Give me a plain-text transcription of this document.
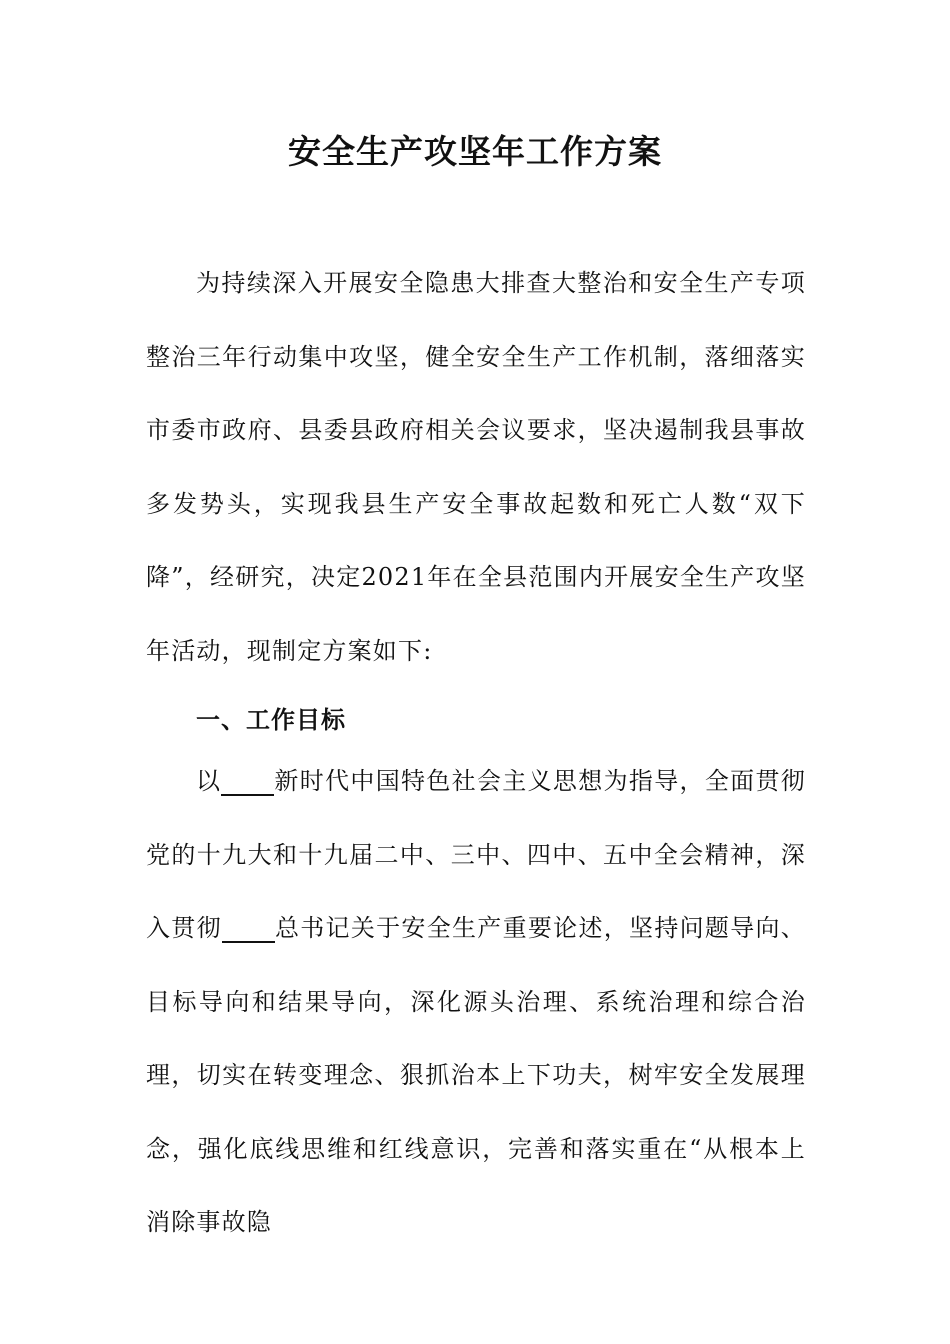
安全生产攻坚年工作方案

为持续深入开展安全隐患大排查大整治和安全生产专项整治三年行动集中攻坚，健全安全生产工作机制，落细落实市委市政府、县委县政府相关会议要求，坚决遏制我县事故多发势头，实现我县生产安全事故起数和死亡人数“双下降”，经研究，决定2021年在全县范围内开展安全生产攻坚年活动，现制定方案如下:

一、工作目标

以 新时代中国特色社会主义思想为指导，全面贯彻党的十九大和十九届二中、三中、四中、五中全会精神，深入贯彻 总书记关于安全生产重要论述，坚持问题导向、目标导向和结果导向，深化源头治理、系统治理和综合治理，切实在转变理念、狠抓治本上下功夫，树牢安全发展理念，强化底线思维和红线意识，完善和落实重在“从根本上消除事故隐
